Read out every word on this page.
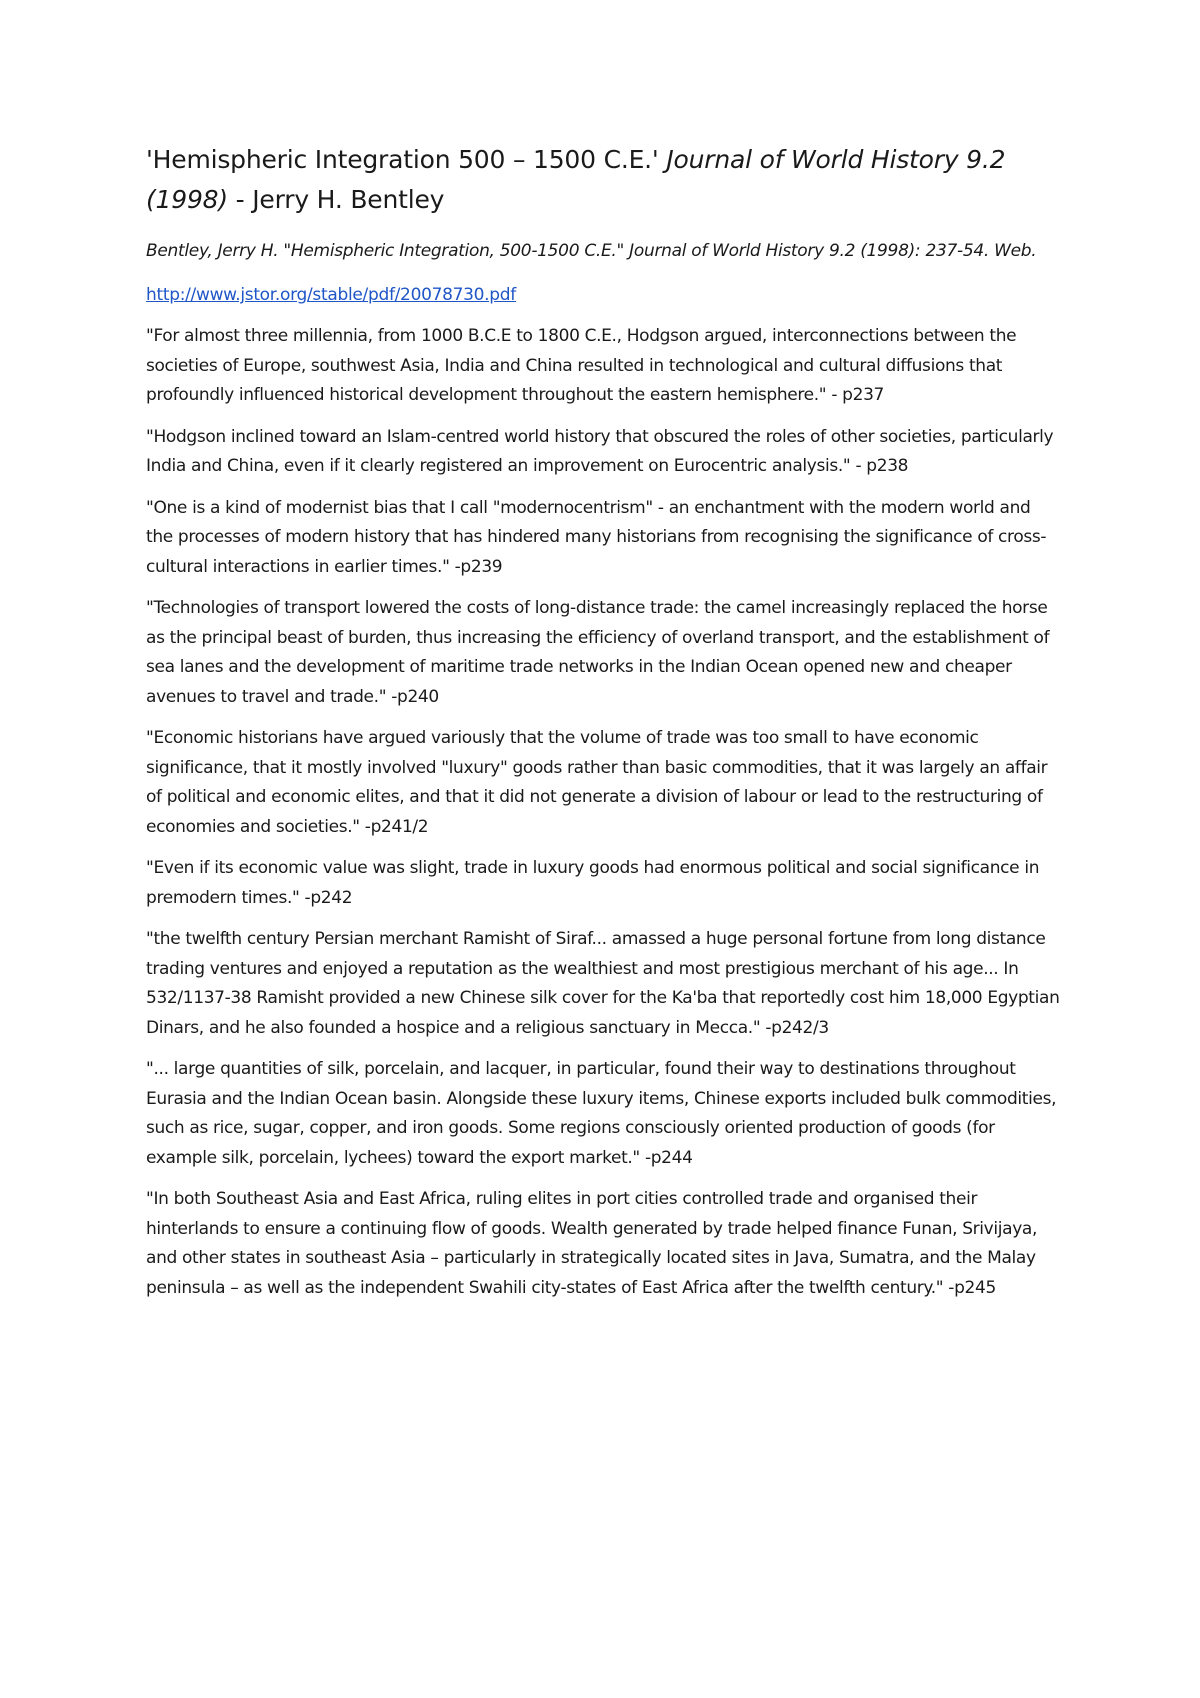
'Hemispheric Integration 500 – 1500 C.E.' Journal of World History 9.2 (1998) - Jerry H. Bentley

Bentley, Jerry H. "Hemispheric Integration, 500-1500 C.E." Journal of World History 9.2 (1998): 237-54. Web.

http://www.jstor.org/stable/pdf/20078730.pdf

"For almost three millennia, from 1000 B.C.E to 1800 C.E., Hodgson argued, interconnections between the societies of Europe, southwest Asia, India and China resulted in technological and cultural diffusions that profoundly influenced historical development throughout the eastern hemisphere." - p237

"Hodgson inclined toward an Islam-centred world history that obscured the roles of other societies, particularly India and China, even if it clearly registered an improvement on Eurocentric analysis." - p238

"One is a kind of modernist bias that I call "modernocentrism" - an enchantment with the modern world and the processes of modern history that has hindered many historians from recognising the significance of cross-cultural interactions in earlier times." -p239

"Technologies of transport lowered the costs of long-distance trade: the camel increasingly replaced the horse as the principal beast of burden, thus increasing the efficiency of overland transport, and the establishment of sea lanes and the development of maritime trade networks in the Indian Ocean opened new and cheaper avenues to travel and trade." -p240

"Economic historians have argued variously that the volume of trade was too small to have economic significance, that it mostly involved "luxury" goods rather than basic commodities, that it was largely an affair of political and economic elites, and that it did not generate a division of labour or lead to the restructuring of economies and societies." -p241/2

"Even if its economic value was slight, trade in luxury goods had enormous political and social significance in premodern times." -p242

"the twelfth century Persian merchant Ramisht of Siraf... amassed a huge personal fortune from long distance trading ventures and enjoyed a reputation as the wealthiest and most prestigious merchant of his age... In 532/1137-38 Ramisht provided a new Chinese silk cover for the Ka'ba that reportedly cost him 18,000 Egyptian Dinars, and he also founded a hospice and a religious sanctuary in Mecca." -p242/3

"... large quantities of silk, porcelain, and lacquer, in particular, found their way to destinations throughout Eurasia and the Indian Ocean basin. Alongside these luxury items, Chinese exports included bulk commodities, such as rice, sugar, copper, and iron goods. Some regions consciously oriented production of goods (for example silk, porcelain, lychees) toward the export market." -p244

"In both Southeast Asia and East Africa, ruling elites in port cities controlled trade and organised their hinterlands to ensure a continuing flow of goods. Wealth generated by trade helped finance Funan, Srivijaya, and other states in southeast Asia – particularly in strategically located sites in Java, Sumatra, and the Malay peninsula – as well as the independent Swahili city-states of East Africa after the twelfth century." -p245
